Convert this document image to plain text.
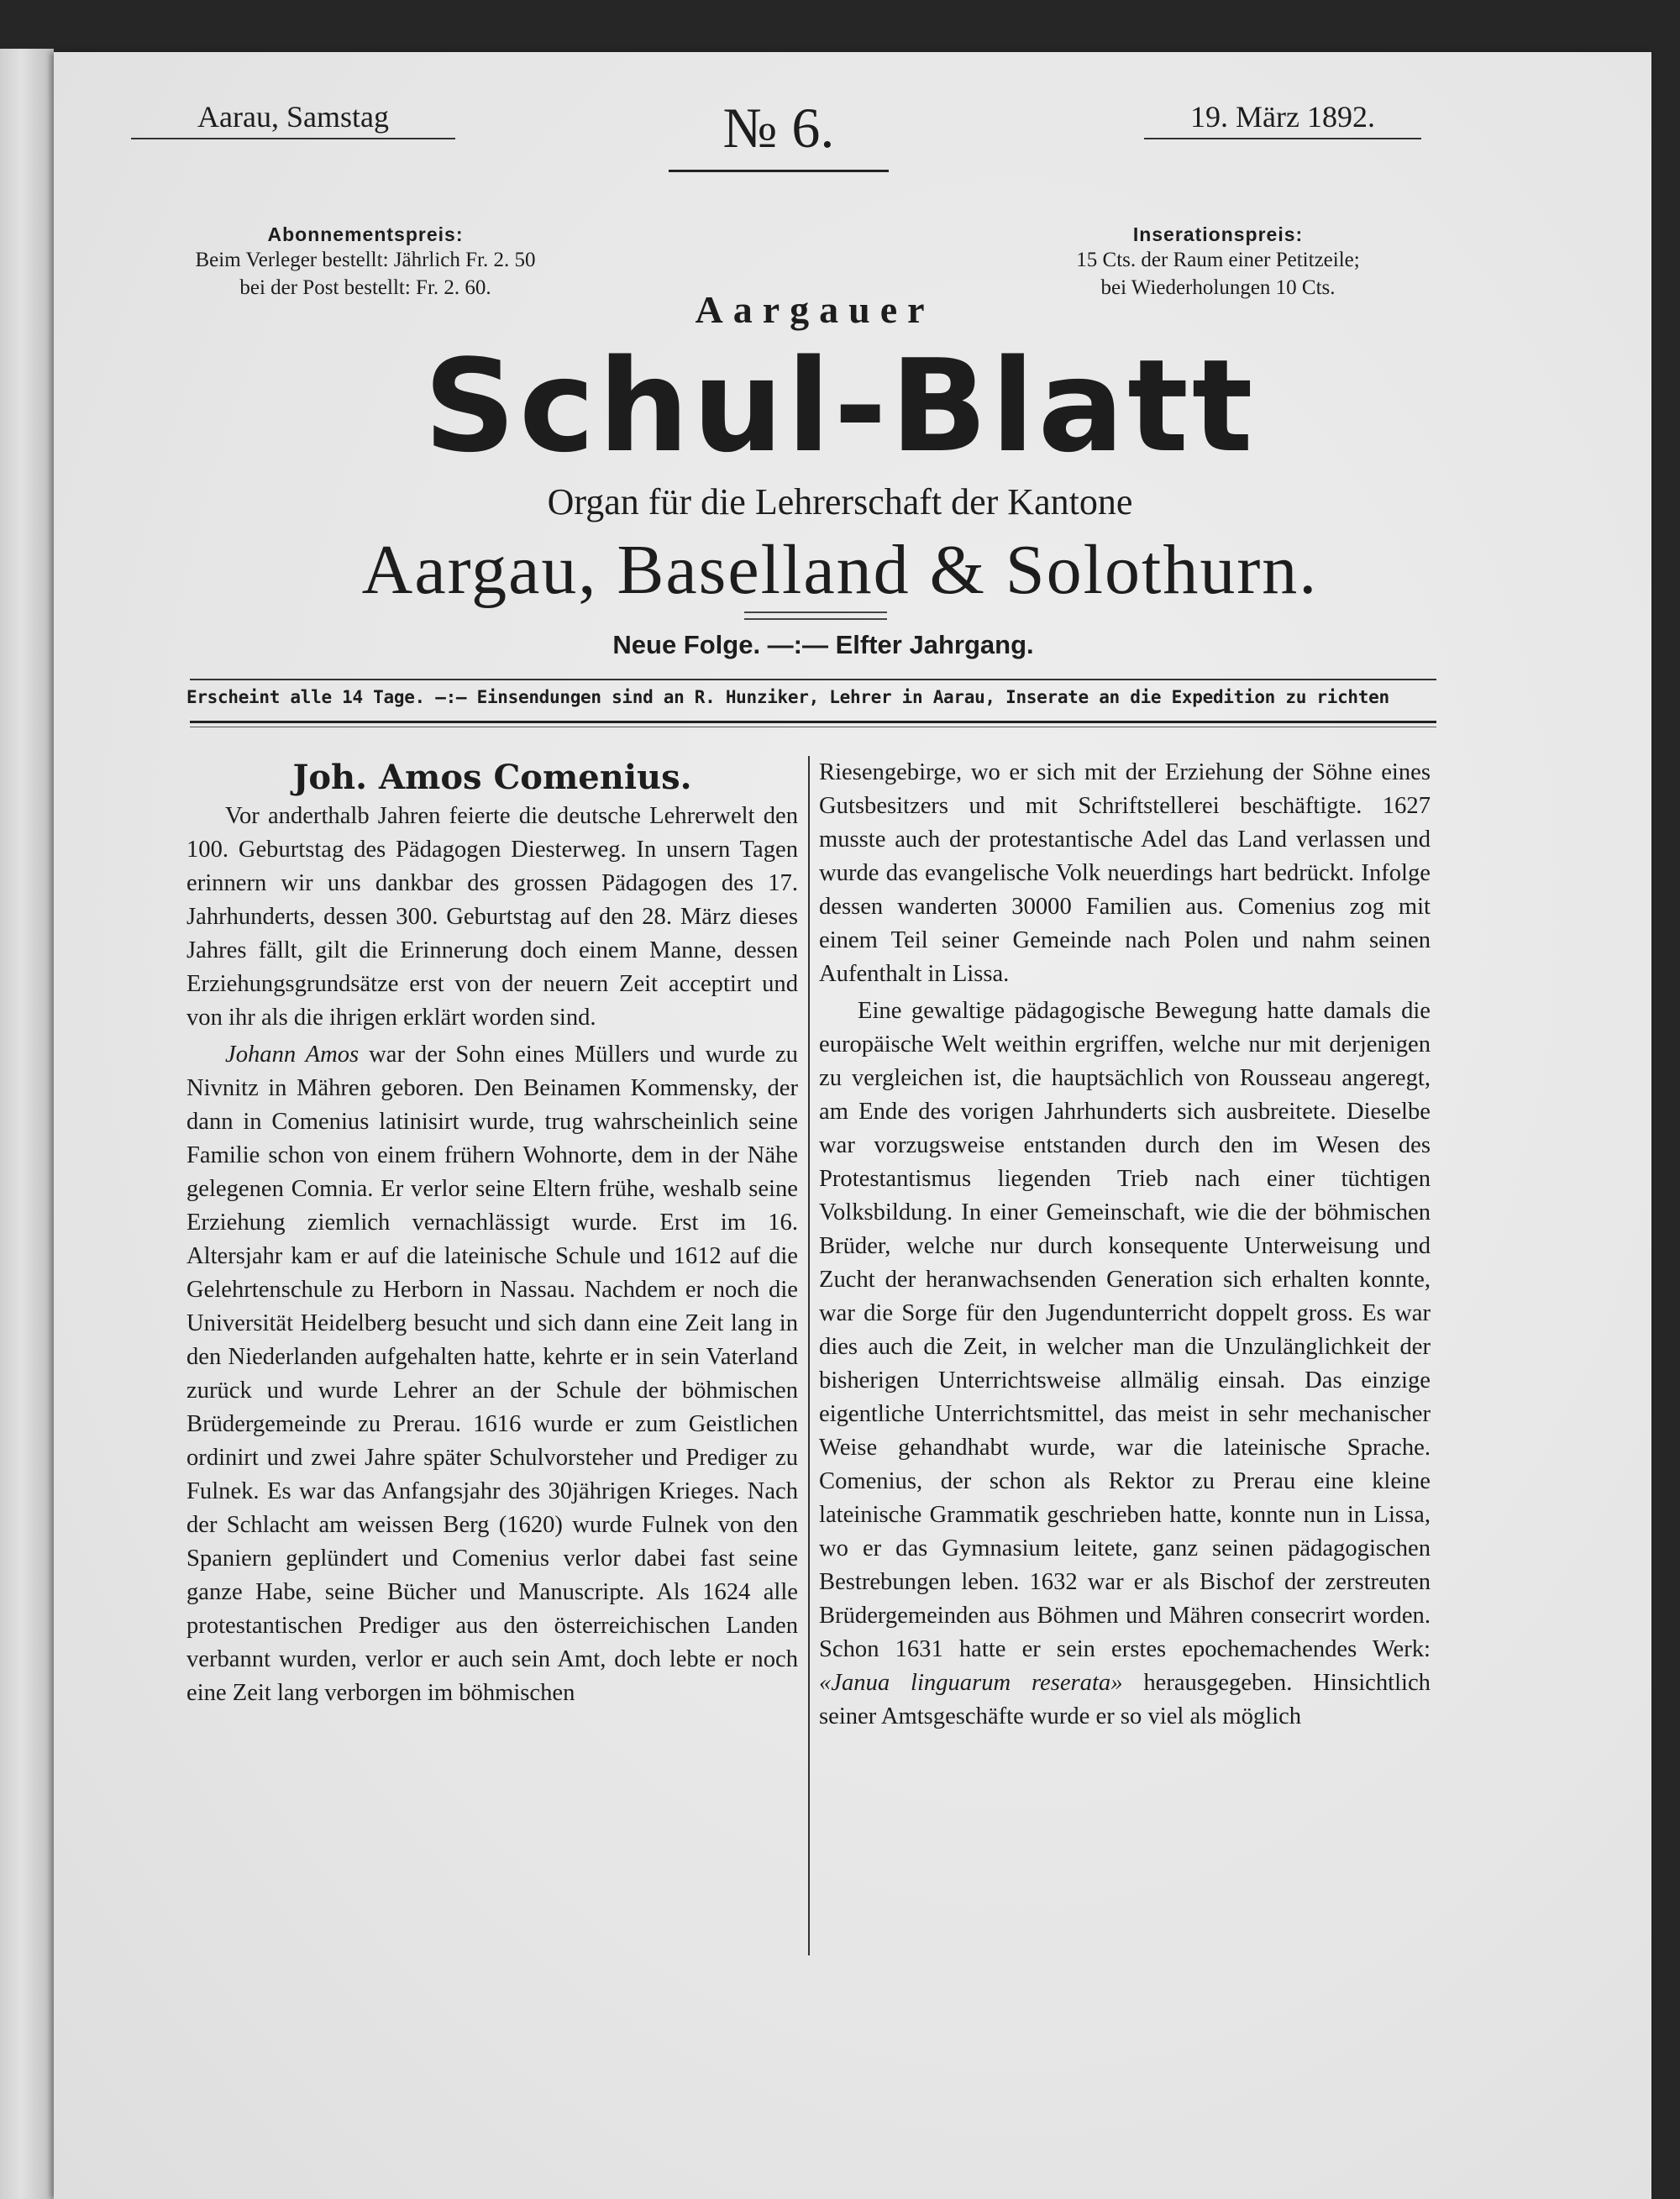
Aarau, Samstag	№ 6.	19. März 1892.
Abonnementspreis:
Beim Verleger bestellt: Jährlich Fr. 2. 50
bei der Post bestellt: Fr. 2. 60.
Inserationspreis:
15 Cts. der Raum einer Petitzeile;
bei Wiederholungen 10 Cts.
Aargauer
Schul-Blatt
Organ für die Lehrerschaft der Kantone
Aargau, Baselland & Solothurn.
Neue Folge. —:— Elfter Jahrgang.
Erscheint alle 14 Tage. —:— Einsendungen sind an R. Hunziker, Lehrer in Aarau, Inserate an die Expedition zu richten
Joh. Amos Comenius.

Vor anderthalb Jahren feierte die deutsche Lehrerwelt den 100. Geburtstag des Pädagogen Diesterweg. In unsern Tagen erinnern wir uns dankbar des grossen Pädagogen des 17. Jahrhunderts, dessen 300. Geburtstag auf den 28. März dieses Jahres fällt, gilt die Erinnerung doch einem Manne, dessen Erziehungsgrundsätze erst von der neuern Zeit acceptirt und von ihr als die ihrigen erklärt worden sind.

Johann Amos war der Sohn eines Müllers und wurde zu Nivnitz in Mähren geboren. Den Beinamen Kommensky, der dann in Comenius latinisirt wurde, trug wahrscheinlich seine Familie schon von einem frühern Wohnorte, dem in der Nähe gelegenen Comnia. Er verlor seine Eltern frühe, weshalb seine Erziehung ziemlich vernachlässigt wurde. Erst im 16. Altersjahr kam er auf die lateinische Schule und 1612 auf die Gelehrtenschule zu Herborn in Nassau. Nachdem er noch die Universität Heidelberg besucht und sich dann eine Zeit lang in den Niederlanden aufgehalten hatte, kehrte er in sein Vaterland zurück und wurde Lehrer an der Schule der böhmischen Brüdergemeinde zu Prerau. 1616 wurde er zum Geistlichen ordinirt und zwei Jahre später Schulvorsteher und Prediger zu Fulnek. Es war das Anfangsjahr des 30jährigen Krieges. Nach der Schlacht am weissen Berg (1620) wurde Fulnek von den Spaniern geplündert und Comenius verlor dabei fast seine ganze Habe, seine Bücher und Manuscripte. Als 1624 alle protestantischen Prediger aus den österreichischen Landen verbannt wurden, verlor er auch sein Amt, doch lebte er noch eine Zeit lang verborgen im böhmischen

Riesengebirge, wo er sich mit der Erziehung der Söhne eines Gutsbesitzers und mit Schriftstellerei beschäftigte. 1627 musste auch der protestantische Adel das Land verlassen und wurde das evangelische Volk neuerdings hart bedrückt. Infolge dessen wanderten 30000 Familien aus. Comenius zog mit einem Teil seiner Gemeinde nach Polen und nahm seinen Aufenthalt in Lissa.

Eine gewaltige pädagogische Bewegung hatte damals die europäische Welt weithin ergriffen, welche nur mit derjenigen zu vergleichen ist, die hauptsächlich von Rousseau angeregt, am Ende des vorigen Jahrhunderts sich ausbreitete. Dieselbe war vorzugsweise entstanden durch den im Wesen des Protestantismus liegenden Trieb nach einer tüchtigen Volksbildung. In einer Gemeinschaft, wie die der böhmischen Brüder, welche nur durch konsequente Unterweisung und Zucht der heranwachsenden Generation sich erhalten konnte, war die Sorge für den Jugendunterricht doppelt gross. Es war dies auch die Zeit, in welcher man die Unzulänglichkeit der bisherigen Unterrichtsweise allmälig einsah. Das einzige eigentliche Unterrichtsmittel, das meist in sehr mechanischer Weise gehandhabt wurde, war die lateinische Sprache. Comenius, der schon als Rektor zu Prerau eine kleine lateinische Grammatik geschrieben hatte, konnte nun in Lissa, wo er das Gymnasium leitete, ganz seinen pädagogischen Bestrebungen leben. 1632 war er als Bischof der zerstreuten Brüdergemeinden aus Böhmen und Mähren consecrirt worden. Schon 1631 hatte er sein erstes epochemachendes Werk: «Janua linguarum reserata» herausgegeben. Hinsichtlich seiner Amtsgeschäfte wurde er so viel als möglich
